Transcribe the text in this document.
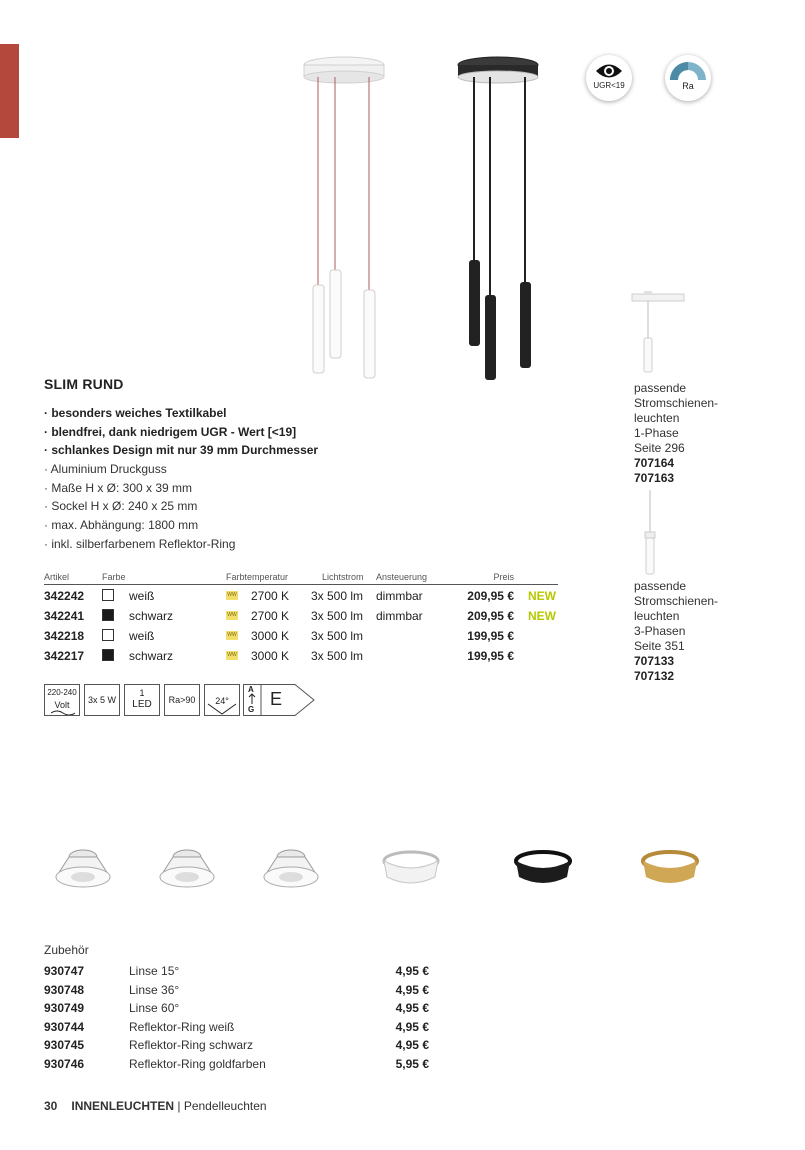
UGR<19	Ra
SLIM RUND
· besonders weiches Textilkabel
· blendfrei, dank niedrigem UGR - Wert [<19]
· schlankes Design mit nur 39 mm Durchmesser
· Aluminium Druckguss
· Maße H x Ø: 300 x 39 mm
· Sockel H x Ø: 240 x 25 mm
· max. Abhängung: 1800 mm
· inkl. silberfarbenem Reflektor-Ring
Artikel	Farbe	Farbtemperatur	Lichtstrom Ansteuerung	Preis
342242	weiß	WW 2700 K 3x 500 lm dimmbar	209,95 € NEW
342241	schwarz	WW 2700 K 3x 500 lm dimmbar	209,95 € NEW
342218	weiß	WW 3000 K 3x 500 lm	199,95 €
342217	schwarz	WW 3000 K 3x 500 lm	199,95 €
220-240
Volt	3x 5 W
1
LED	Ra>90	24°
A
G
E
passende
Stromschienen-
leuchten
1-Phase
Seite 296
707164
707163
passende
Stromschienen-
leuchten
3-Phasen
Seite 351
707133
707132
Zubehör
930747	Linse 15°	4,95 €
930748	Linse 36°	4,95 €
930749	Linse 60°	4,95 €
930744	Reflektor-Ring weiß	4,95 €
930745	Reflektor-Ring schwarz	4,95 €
930746	Reflektor-Ring goldfarben	5,95 €
30 INNENLEUCHTEN | Pendelleuchten
